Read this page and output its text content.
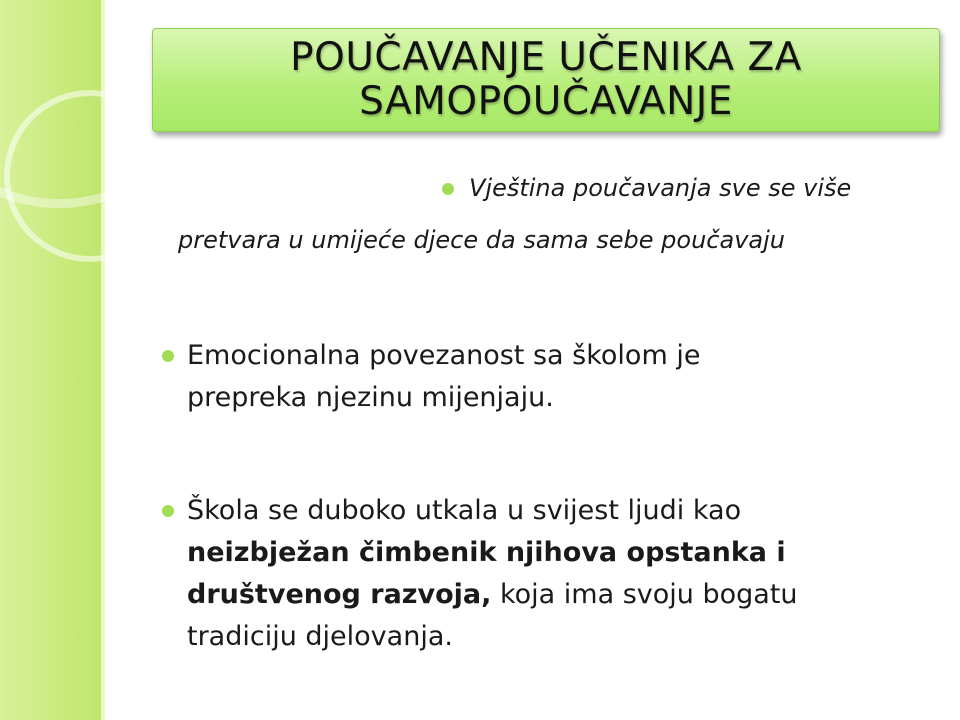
POUČAVANJE UČENIKA ZA
SAMOPOUČAVANJE
Vještina poučavanja sve se više
pretvara u umijeće djece da sama sebe poučavaju
Emocionalna povezanost sa školom je
prepreka njezinu mijenjaju.
Škola se duboko utkala u svijest ljudi kao
neizbježan čimbenik njihova opstanka i
društvenog razvoja, koja ima svoju bogatu
tradiciju djelovanja.
